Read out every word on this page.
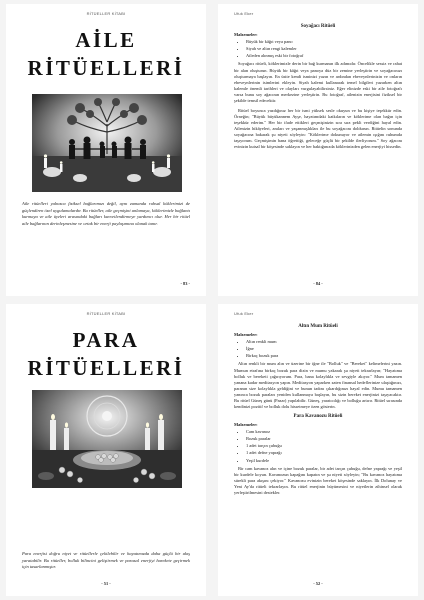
RİTÜELLER KİTABI
AİLE
RİTÜELLERİ
Aile ritüelleri yalnızca fiziksel bağlarımızı değil, aynı zamanda ruhsal köklerimizi de güçlendiren özel uygulamalardır. Bu ritüeller, aile geçmişini anlamaya, köklerimizle bağlantı kurmaya ve aile üyeleri arasındaki bağları kuvvetlendirmeye yardımcı olur. Her bir ritüel aile bağlarının derinleşmesine ve ortak bir enerji paylaşımına olanak tanır.
- 83 -
Ufuk Eker
Soyağacı Ritüeli

Malzemeler:

• Büyük bir kâğıt veya pano
• Siyah ve altın rengi kalemler
• Aileden alınmış eski bir fotoğraf

Soyağacı ritüeli, köklerimizle derin bir bağ kurmanın ilk adımıdır. Öncelikle sessiz ve rahat bir alan oluşturun. Büyük bir kâğıt veya panoya düz bir zemine yerleştirin ve soyağacınızı oluşturmaya başlayın. En üstte kendi isminizi yazın ve ardından ebeveynlerinizin ve onların ebeveynlerinin isimlerini ekleyin. Siyah kalemi kullanarak temel bilgileri yazarken altın kalemle önemli tarihleri ve olayları vurgulayabilirsiniz. Eğer elinizde eski bir aile fotoğrafı varsa bunu soy ağacının merkezine yerleştirin. Bu fotoğraf, ailenizin enerjisini fiziksel bir şekilde temsil edecektir.

Ritüel boyunca yazdığınız her bir ismi yüksek sesle okuyun ve bu kişiye teşekkür edin. Örneğin; "Büyük büyükannem Ayşe, hayatımdaki katkıların ve köklerime olan bağın için teşekkür ederim." Her bir ifade ettikleri geçmişinizin sıra sıra pekli verdiğini hayal edin. Ailenizin hikâyeleri, anıları ve yaşanmışlıkları ile bu soyağacını doldurun. Ritüelin sonunda soyağacına bakarak şu niyeti söyleyin: "Köklerime dokunuyor ve ailemin ışığını ruhumda taşıyorum. Geçmişimin bana öğrettiği, geleceğe güçlü bir şekilde ilerliyorum." Soy ağacını evinizin kutsal bir köşesinde saklayın ve her baktığınızda köklerinizden gelen enerjiyi hissedin.

- 84 -
RİTÜELLER KİTABI
PARA
RİTÜELLERİ
Para enerjisi doğru niyet ve ritüellerle çekilebilir ve hayatımızda daha güçlü bir akış yaratabilir. Bu ritüeller, bolluk bilincini geliştirmek ve parasal enerjiyi harekete geçirmek için tasarlanmıştır.
- 51 -
Ufuk Eker
Altın Mum Ritüeli

Malzemeler:

• Altın renkli mum
• İğne
• Birkaç bozuk para

Altın renkli bir mum alın ve üzerine bir iğne ile "Bolluk" ve "Bereket" kelimelerini yazın. Mumun etrafına birkaç bozuk para dizin ve mumu yakarak şu niyeti tekrarlayın; "Hayatıma bolluk ve bereketi çağırıyorum. Para, bana kolaylıkla ve sevgiyle akıyor." Mum tamamen yanana kadar meditasyon yapın. Meditasyon yaparken zaten finansal hedeflerinize ulaştığınızı, paranın size kolaylıkla geldiğini ve bunun tadını çıkardığınızı hayal edin. Mumu tamamen yanınca bozuk paraları yeniden kullanmaya başlayın, bu sizin bereket enerjinizi taşıyacaktır. Bu ritüel Güneş günü (Pazar) yapılabilir. Güneş, yaratıcılığı ve bolluğu artırır. Ritüel sırasında kendinizi pozitif ve bolluk dolu hissetmeye özen gösterin.

Para Kavanozu Ritüeli

Malzemeler:

• Cam kavanoz
• Bozuk paralar
• 1 adet tarçın çubuğu
• 1 adet defne yaprağı
• Yeşil kurdele

Bir cam kavanoz alın ve içine bozuk paralar, bir adet tarçın çubuğu, defne yaprağı ve yeşil bir kurdele koyun. Kavanozun kapağını kapatın ve şu niyeti söyleyin; "Bu kavanoz hayatıma sürekli para akışını çekiyor." Kavanozu evinizin bereket köşesinde saklayın. İlk Dolunay ve Yeni Ay'da ritüeli tekrarlayın. Bu ritüel enerjinin büyümesini ve niyetlerin zihinsel olarak yerleştirilmesini destekler.

- 52 -
